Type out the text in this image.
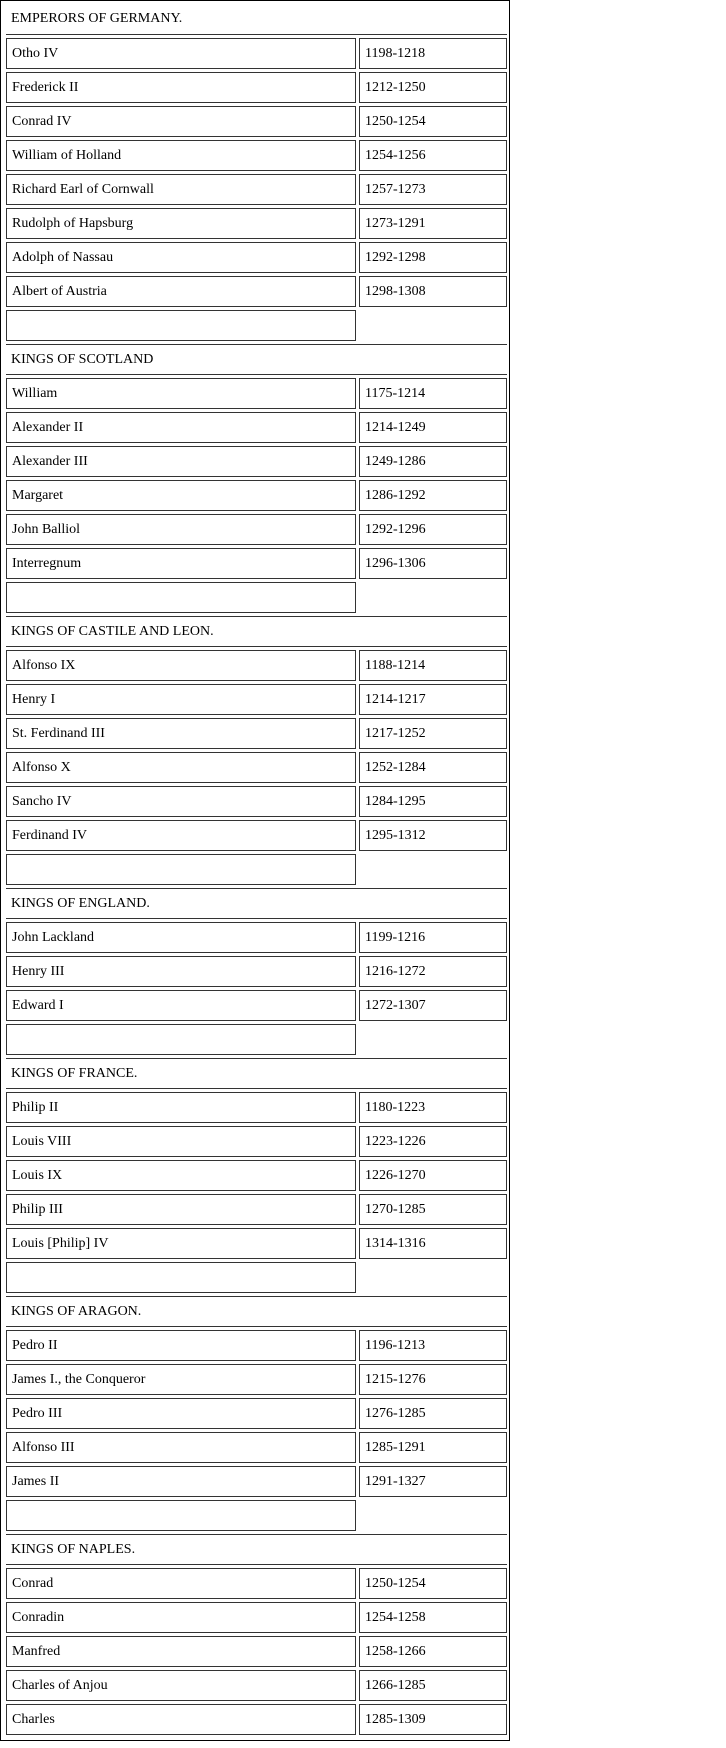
EMPERORS OF GERMANY.
Otho IV	1198-1218
Frederick II	1212-1250
Conrad IV	1250-1254
William of Holland	1254-1256
Richard Earl of Cornwall	1257-1273
Rudolph of Hapsburg	1273-1291
Adolph of Nassau	1292-1298
Albert of Austria	1298-1308
KINGS OF SCOTLAND
William	1175-1214
Alexander II	1214-1249
Alexander III	1249-1286
Margaret	1286-1292
John Balliol	1292-1296
Interregnum	1296-1306
KINGS OF CASTILE AND LEON.
Alfonso IX	1188-1214
Henry I	1214-1217
St. Ferdinand III	1217-1252
Alfonso X	1252-1284
Sancho IV	1284-1295
Ferdinand IV	1295-1312
KINGS OF ENGLAND.
John Lackland	1199-1216
Henry III	1216-1272
Edward I	1272-1307
KINGS OF FRANCE.
Philip II	1180-1223
Louis VIII	1223-1226
Louis IX	1226-1270
Philip III	1270-1285
Louis [Philip] IV	1314-1316
KINGS OF ARAGON.
Pedro II	1196-1213
James I., the Conqueror	1215-1276
Pedro III	1276-1285
Alfonso III	1285-1291
James II	1291-1327
KINGS OF NAPLES.
Conrad	1250-1254
Conradin	1254-1258
Manfred	1258-1266
Charles of Anjou	1266-1285
Charles	1285-1309
